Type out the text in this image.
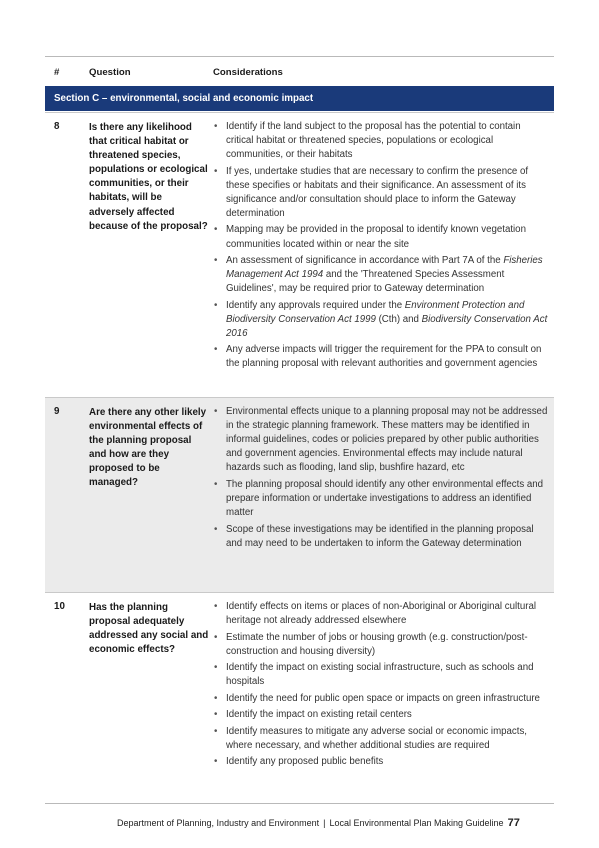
#	Question	Considerations
Section C – environmental, social and economic impact
8	Is there any likelihood that critical habitat or threatened species, populations or ecological communities, or their habitats, will be adversely affected because of the proposal?
• Identify if the land subject to the proposal has the potential to contain critical habitat or threatened species, populations or ecological communities, or their habitats
• If yes, undertake studies that are necessary to confirm the presence of these specifies or habitats and their significance. An assessment of its significance and/or consultation should place to inform the Gateway determination
• Mapping may be provided in the proposal to identify known vegetation communities located within or near the site
• An assessment of significance in accordance with Part 7A of the Fisheries Management Act 1994 and the 'Threatened Species Assessment Guidelines', may be required prior to Gateway determination
• Identify any approvals required under the Environment Protection and Biodiversity Conservation Act 1999 (Cth) and Biodiversity Conservation Act 2016
• Any adverse impacts will trigger the requirement for the PPA to consult on the planning proposal with relevant authorities and government agencies
9	Are there any other likely environmental effects of the planning proposal and how are they proposed to be managed?
• Environmental effects unique to a planning proposal may not be addressed in the strategic planning framework. These matters may be identified in informal guidelines, codes or policies prepared by other public authorities and government agencies. Environmental effects may include natural hazards such as flooding, land slip, bushfire hazard, etc
• The planning proposal should identify any other environmental effects and prepare information or undertake investigations to address an identified matter
• Scope of these investigations may be identified in the planning proposal and may need to be undertaken to inform the Gateway determination
10 Has the planning proposal adequately addressed any social and economic effects?
• Identify effects on items or places of non-Aboriginal or Aboriginal cultural heritage not already addressed elsewhere
• Estimate the number of jobs or housing growth (e.g. construction/post-construction and housing diversity)
• Identify the impact on existing social infrastructure, such as schools and hospitals
• Identify the need for public open space or impacts on green infrastructure
• Identify the impact on existing retail centers
• Identify measures to mitigate any adverse social or economic impacts, where necessary, and whether additional studies are required
• Identify any proposed public benefits
Department of Planning, Industry and Environment | Local Environmental Plan Making Guideline 77
